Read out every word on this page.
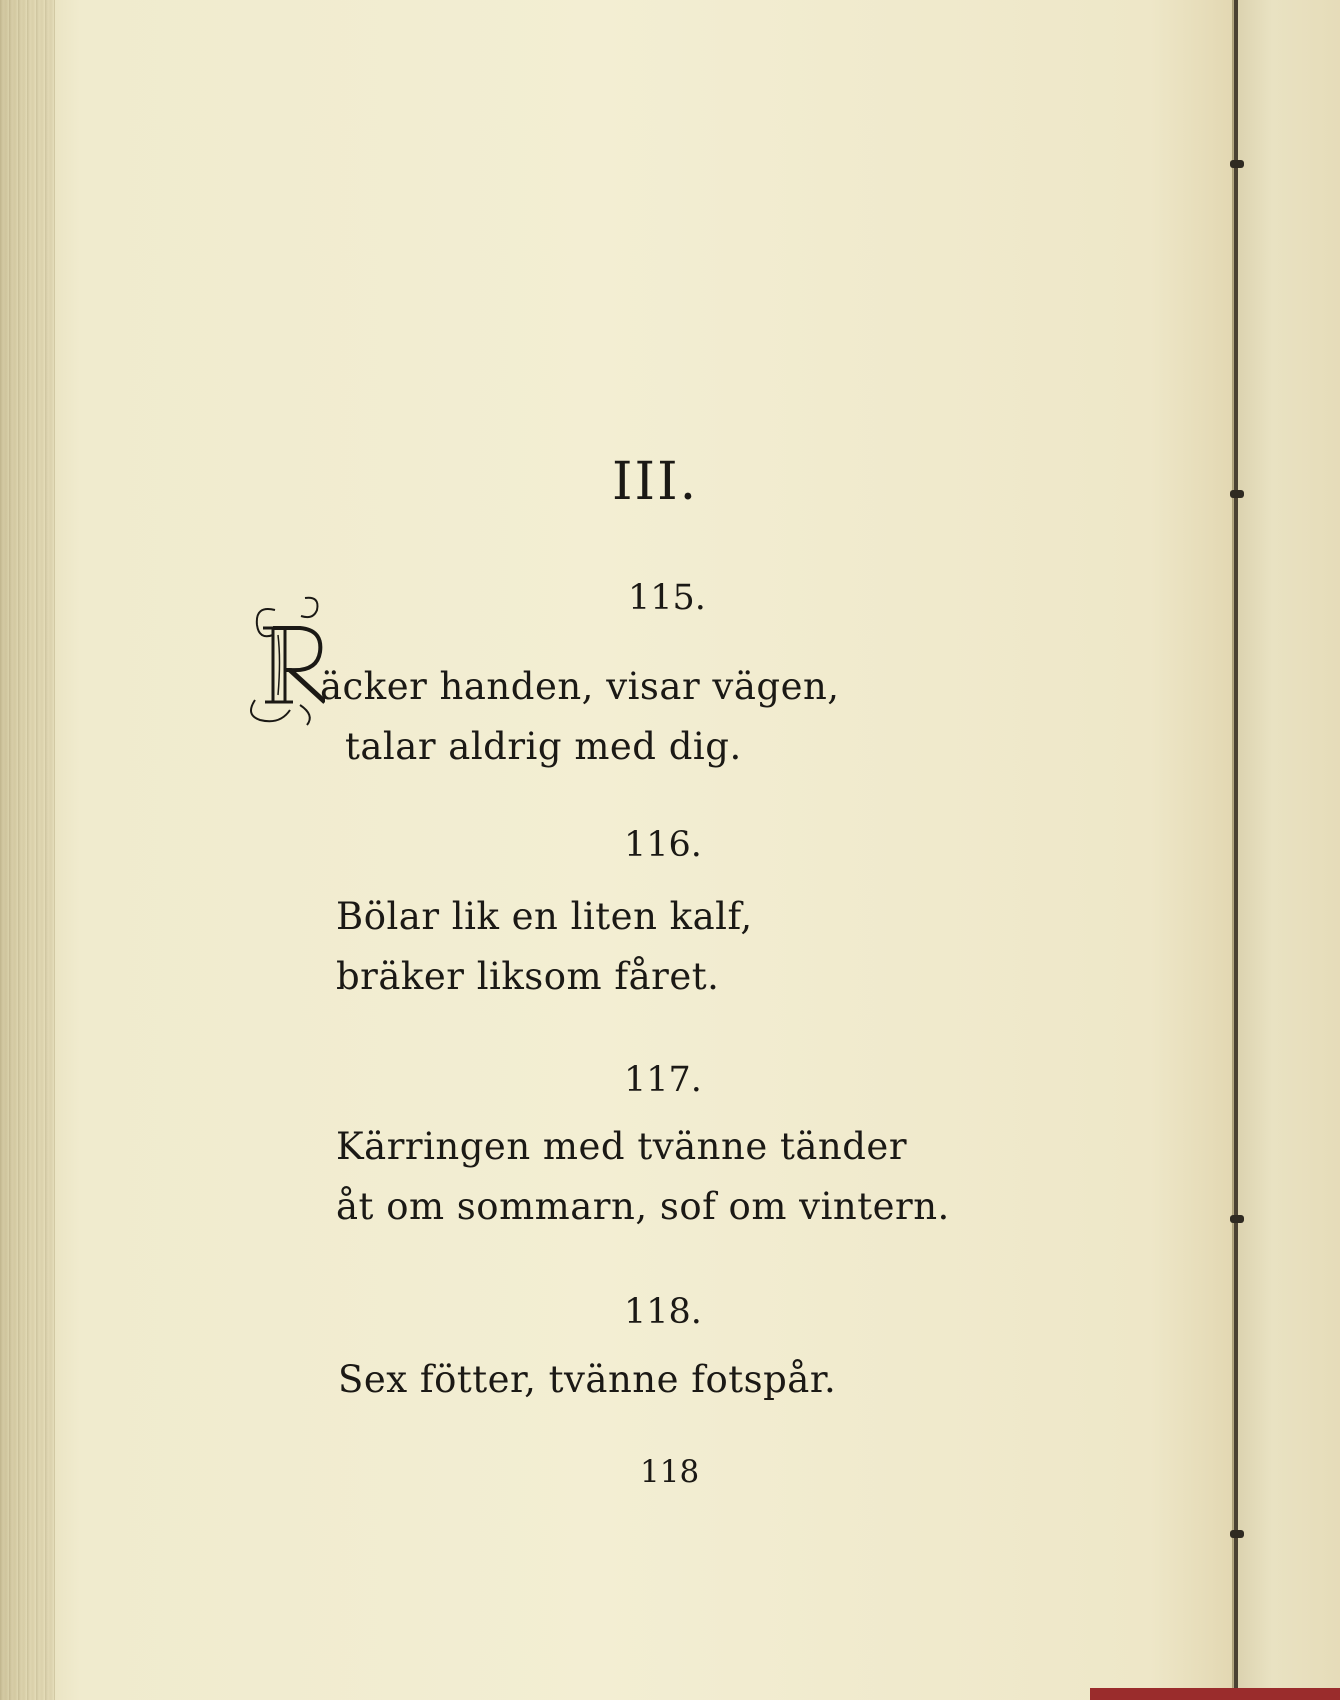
III.
115.
äcker handen, visar vägen,
talar aldrig med dig.
116.
Bölar lik en liten kalf,
bräker liksom fåret.
117.
Kärringen med tvänne tänder
åt om sommarn, sof om vintern.
118.
Sex fötter, tvänne fotspår.
118
